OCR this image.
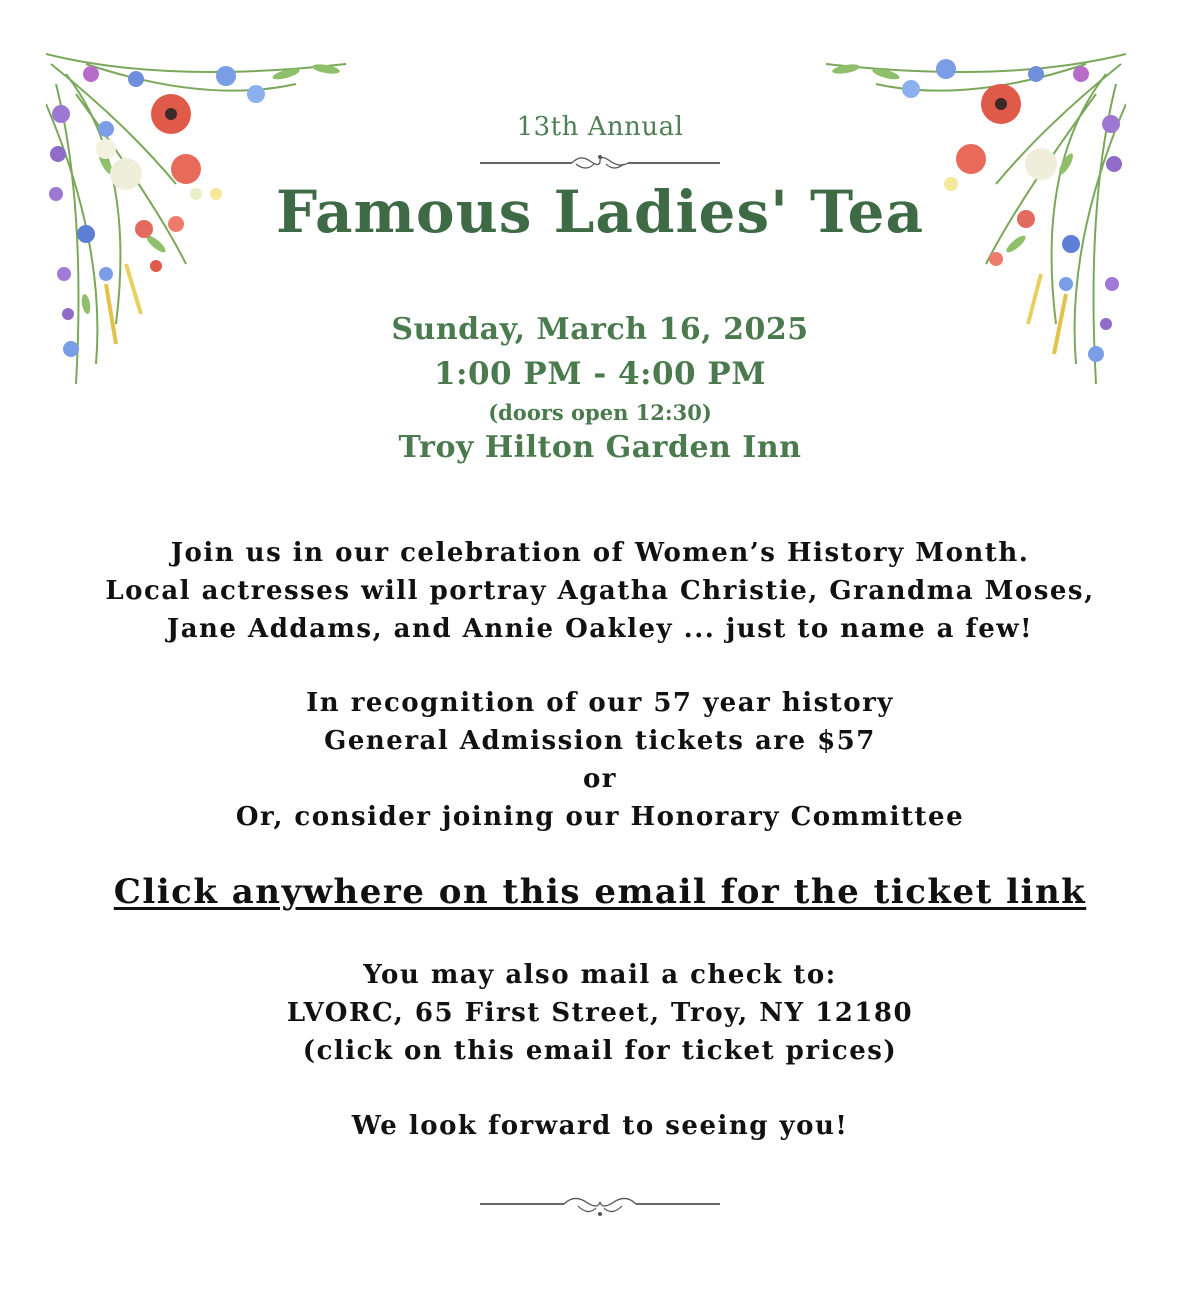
13th Annual
Famous Ladies' Tea
Sunday, March 16, 2025
1:00 PM - 4:00 PM
(doors open 12:30)
Troy Hilton Garden Inn
Join us in our celebration of Women’s History Month.
Local actresses will portray Agatha Christie, Grandma Moses,
Jane Addams, and Annie Oakley ... just to name a few!
In recognition of our 57 year history
General Admission tickets are $57
or
Or, consider joining our Honorary Committee
Click anywhere on this email for the ticket link
You may also mail a check to:
LVORC, 65 First Street, Troy, NY 12180
(click on this email for ticket prices)
We look forward to seeing you!
